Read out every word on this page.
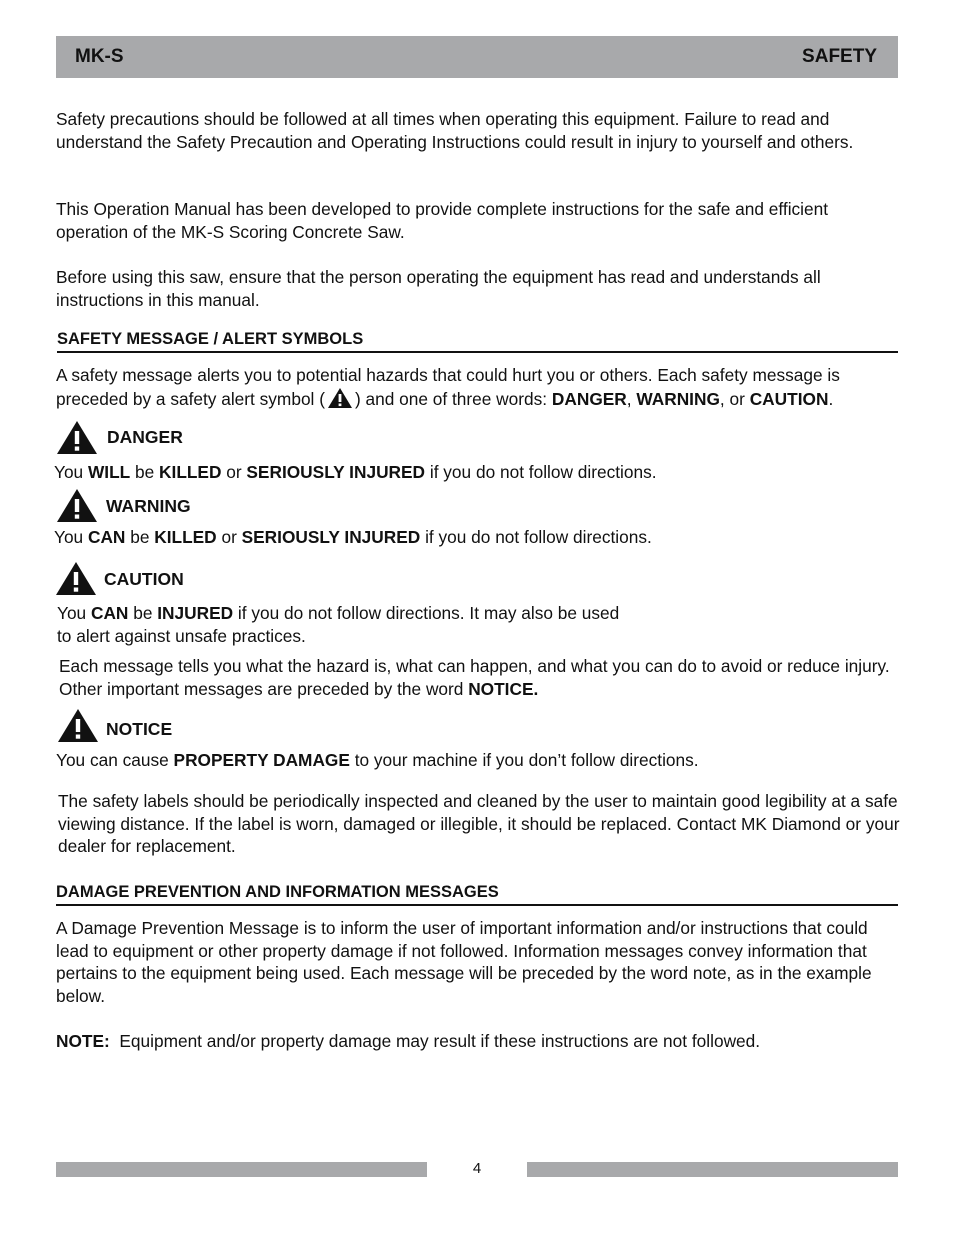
MK-S	SAFETY

Safety precautions should be followed at all times when operating this equipment. Failure to read and understand the Safety Precaution and Operating Instructions could result in injury to yourself and others.

This Operation Manual has been developed to provide complete instructions for the safe and efficient operation of the MK-S Scoring Concrete Saw.

Before using this saw, ensure that the person operating the equipment has read and understands all instructions in this manual.

SAFETY MESSAGE / ALERT SYMBOLS

A safety message alerts you to potential hazards that could hurt you or others. Each safety message is preceded by a safety alert symbol ( ) and one of three words: DANGER, WARNING, or CAUTION.

DANGER

You WILL be KILLED or SERIOUSLY INJURED if you do not follow directions.

WARNING

You CAN be KILLED or SERIOUSLY INJURED if you do not follow directions.

CAUTION

You CAN be INJURED if you do not follow directions. It may also be used
to alert against unsafe practices.

Each message tells you what the hazard is, what can happen, and what you can do to avoid or reduce injury. Other important messages are preceded by the word NOTICE.

NOTICE

You can cause PROPERTY DAMAGE to your machine if you don’t follow directions.

The safety labels should be periodically inspected and cleaned by the user to maintain good legibility at a safe viewing distance. If the label is worn, damaged or illegible, it should be replaced. Contact MK Diamond or your dealer for replacement.

DAMAGE PREVENTION AND INFORMATION MESSAGES

A Damage Prevention Message is to inform the user of important information and/or instructions that could lead to equipment or other property damage if not followed. Information messages convey information that pertains to the equipment being used. Each message will be preceded by the word note, as in the example below.

NOTE:  Equipment and/or property damage may result if these instructions are not followed.

4
